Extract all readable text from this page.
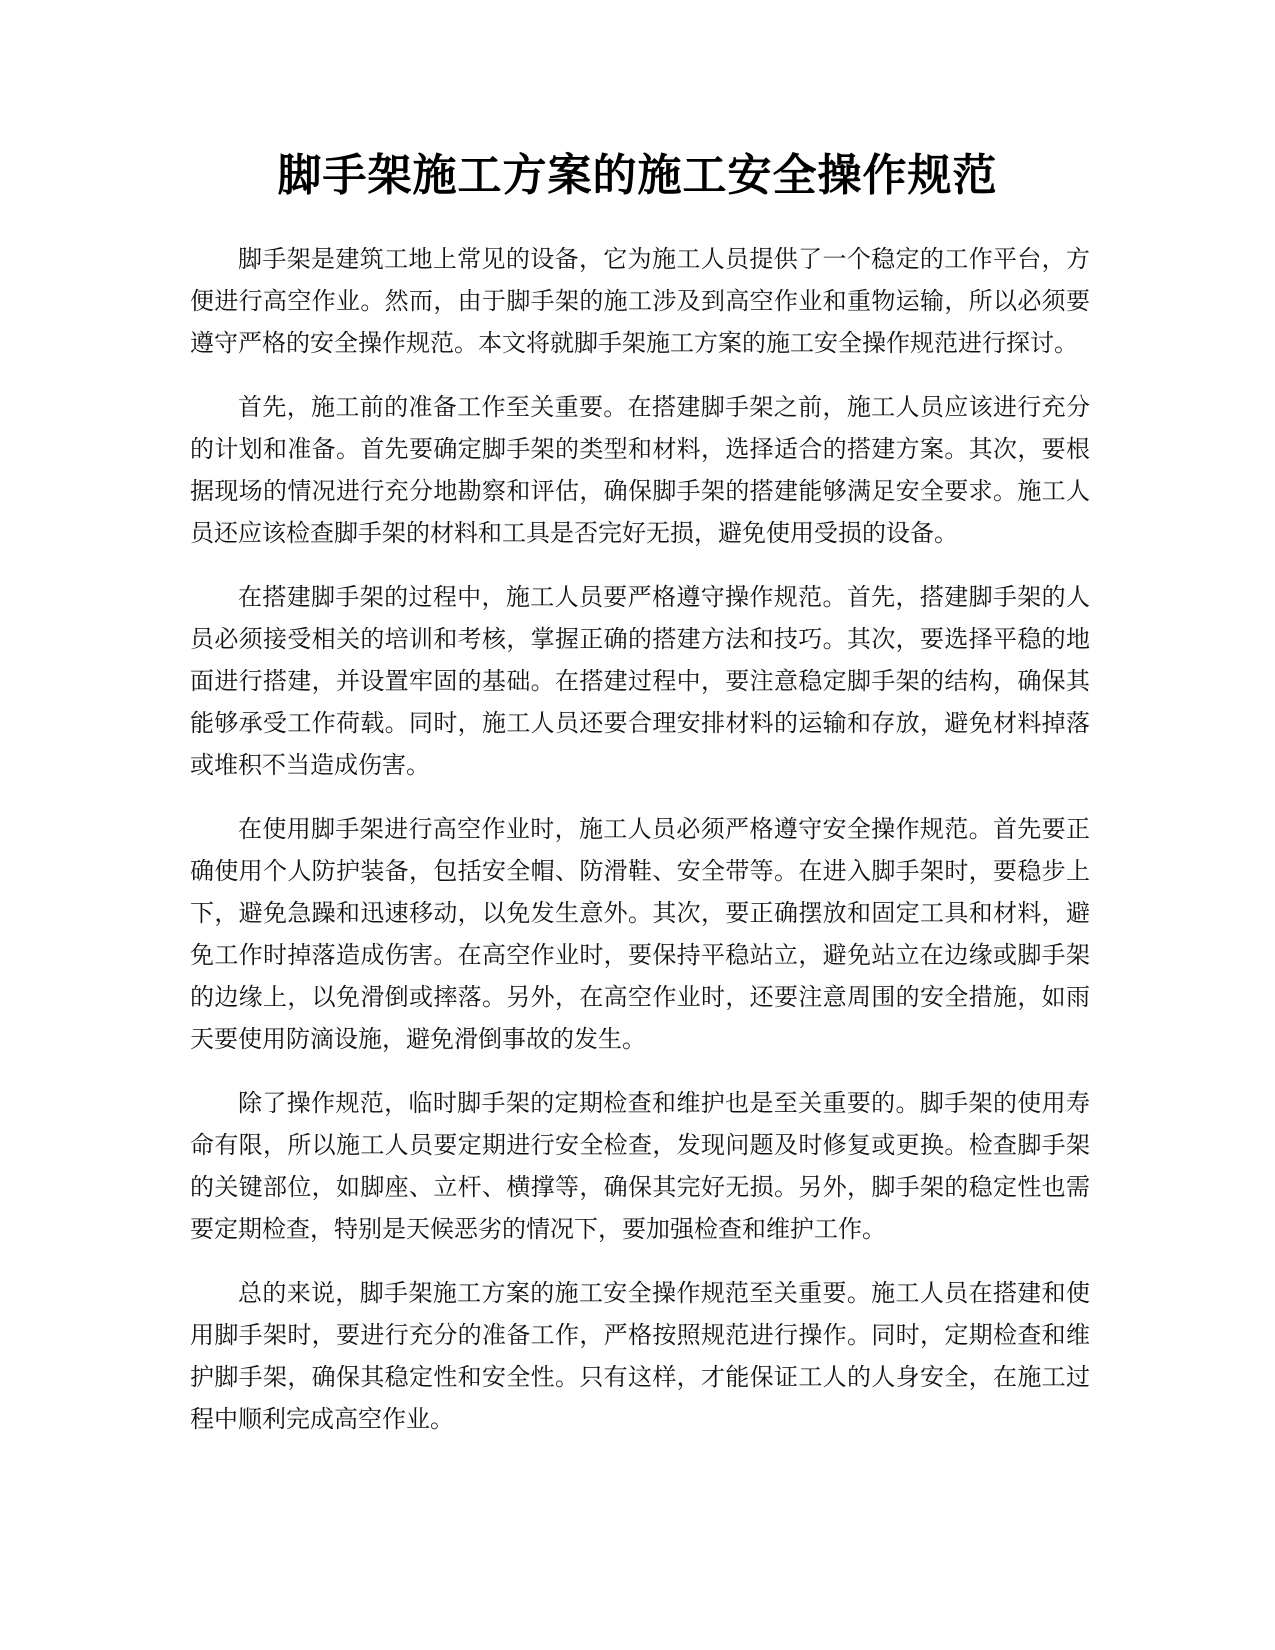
脚手架施工方案的施工安全操作规范

脚手架是建筑工地上常见的设备，它为施工人员提供了一个稳定的工作平台，方便进行高空作业。然而，由于脚手架的施工涉及到高空作业和重物运输，所以必须要遵守严格的安全操作规范。本文将就脚手架施工方案的施工安全操作规范进行探讨。

首先，施工前的准备工作至关重要。在搭建脚手架之前，施工人员应该进行充分的计划和准备。首先要确定脚手架的类型和材料，选择适合的搭建方案。其次，要根据现场的情况进行充分地勘察和评估，确保脚手架的搭建能够满足安全要求。施工人员还应该检查脚手架的材料和工具是否完好无损，避免使用受损的设备。

在搭建脚手架的过程中，施工人员要严格遵守操作规范。首先，搭建脚手架的人员必须接受相关的培训和考核，掌握正确的搭建方法和技巧。其次，要选择平稳的地面进行搭建，并设置牢固的基础。在搭建过程中，要注意稳定脚手架的结构，确保其能够承受工作荷载。同时，施工人员还要合理安排材料的运输和存放，避免材料掉落或堆积不当造成伤害。

在使用脚手架进行高空作业时，施工人员必须严格遵守安全操作规范。首先要正确使用个人防护装备，包括安全帽、防滑鞋、安全带等。在进入脚手架时，要稳步上下，避免急躁和迅速移动，以免发生意外。其次，要正确摆放和固定工具和材料，避免工作时掉落造成伤害。在高空作业时，要保持平稳站立，避免站立在边缘或脚手架的边缘上，以免滑倒或摔落。另外，在高空作业时，还要注意周围的安全措施，如雨天要使用防滴设施，避免滑倒事故的发生。

除了操作规范，临时脚手架的定期检查和维护也是至关重要的。脚手架的使用寿命有限，所以施工人员要定期进行安全检查，发现问题及时修复或更换。检查脚手架的关键部位，如脚座、立杆、横撑等，确保其完好无损。另外，脚手架的稳定性也需要定期检查，特别是天候恶劣的情况下，要加强检查和维护工作。

总的来说，脚手架施工方案的施工安全操作规范至关重要。施工人员在搭建和使用脚手架时，要进行充分的准备工作，严格按照规范进行操作。同时，定期检查和维护脚手架，确保其稳定性和安全性。只有这样，才能保证工人的人身安全，在施工过程中顺利完成高空作业。
